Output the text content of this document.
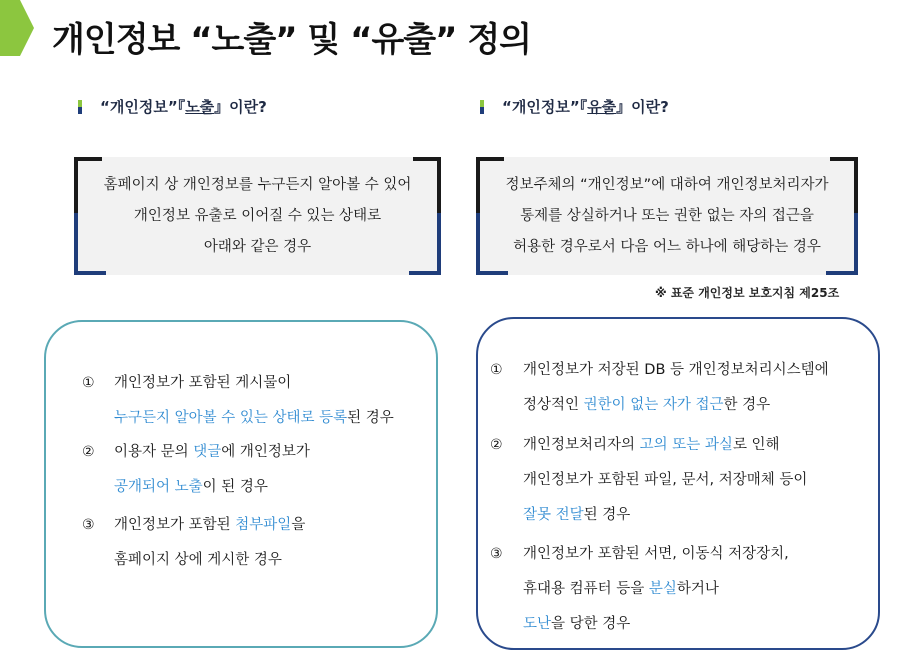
개인정보 “노출” 및 “유출” 정의
“개인정보”『 노출 』이란?	“개인정보”『 유출 』이란?
홈페이지 상 개인정보를 누구든지 알아볼 수 있어
개인정보 유출로 이어질 수 있는 상태로
아래와 같은 경우
정보주체의 “개인정보”에 대하여 개인정보처리자가
통제를 상실하거나 또는 권한 없는 자의 접근을
허용한 경우로서 다음 어느 하나에 해당하는 경우
※ 표준 개인정보 보호지침 제25조
① 개인정보가 포함된 게시물이
누구든지 알아볼 수 있는 상태로 등록된 경우
② 이용자 문의 댓글에 개인정보가
공개되어 노출이 된 경우
③ 개인정보가 포함된 첨부파일을
홈페이지 상에 게시한 경우
① 개인정보가 저장된 DB 등 개인정보처리시스템에
정상적인 권한이 없는 자가 접근한 경우
② 개인정보처리자의 고의 또는 과실로 인해
개인정보가 포함된 파일, 문서, 저장매체 등이
잘못 전달된 경우
③ 개인정보가 포함된 서면, 이동식 저장장치,
휴대용 컴퓨터 등을 분실하거나
도난을 당한 경우
